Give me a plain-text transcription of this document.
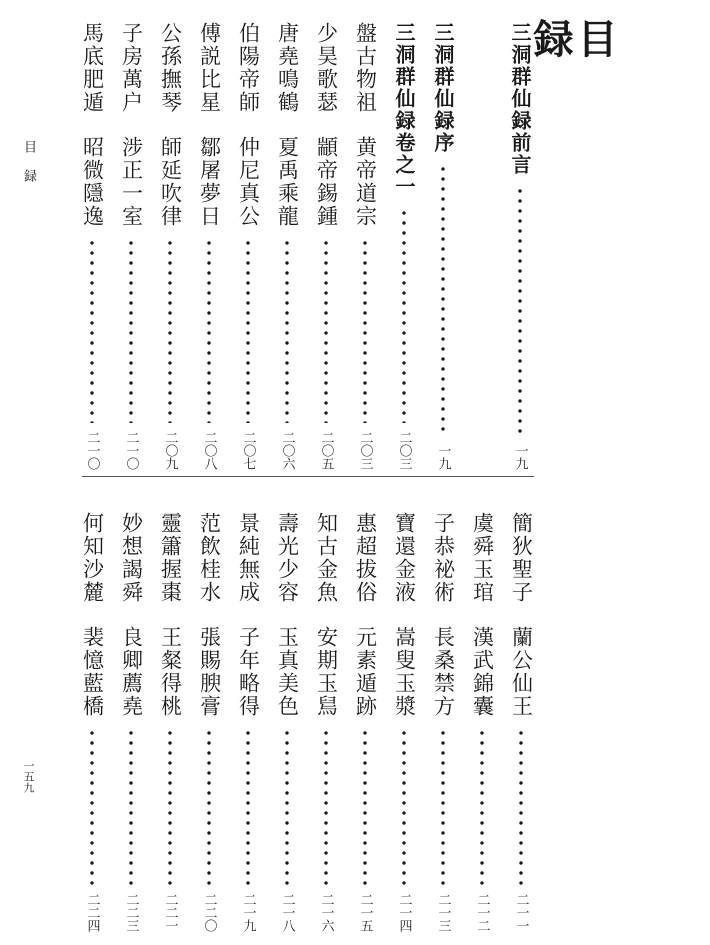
目 録
目 録
一五九
三洞群仙録前言
一九
三洞群仙録序
一九
三洞群仙録卷之一
二〇三
盤古物祖
黄帝道宗
二〇三
少昊歌瑟
顓帝錫鍾
二〇五
唐堯鳴鶴
夏禹乘龍
二〇六
伯陽帝師
仲尼真公
二〇七
傅説比星
鄒屠夢日
二〇八
公孫撫琴
師延吹律
二〇九
子房萬户
涉正一室
二一〇
馬底肥遁
昭微隱逸
二一〇
簡狄聖子
蘭公仙王
二一一
虞舜玉琯
漢武錦囊
二一二
子恭祕術
長桑禁方
二一三
寶還金液
嵩叟玉漿
二一四
惠超拔俗
元素遁跡
二一五
知古金魚
安期玉舃
二一六
壽光少容
玉真美色
二一八
景純無成
子年略得
二一九
范飲桂水
張賜腴膏
二二〇
靈簫握棗
王粲得桃
二二一
妙想謁舜
良卿薦堯
二二三
何知沙麓
裴憶藍橋
二二四
